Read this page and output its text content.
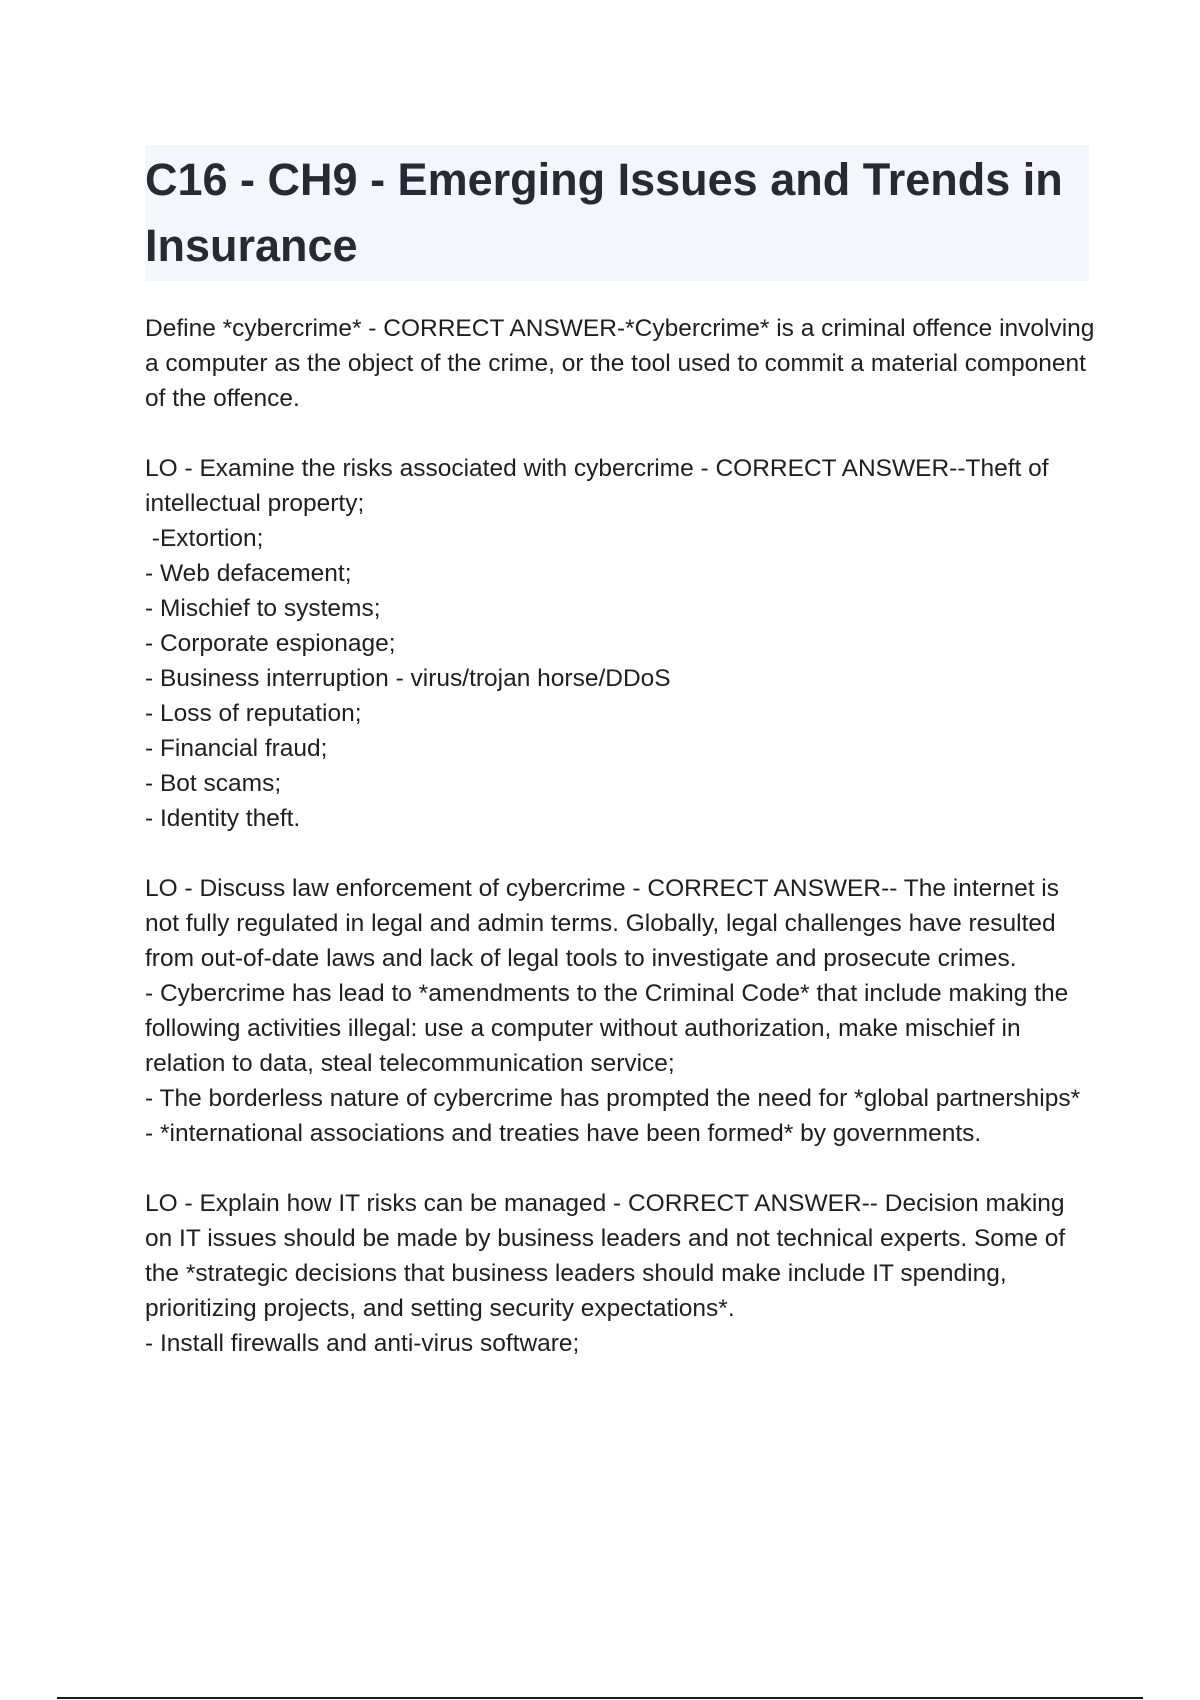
C16 - CH9 - Emerging Issues and Trends in Insurance

Define *cybercrime* - CORRECT ANSWER-*Cybercrime* is a criminal offence involving a computer as the object of the crime, or the tool used to commit a material component of the offence.

LO - Examine the risks associated with cybercrime - CORRECT ANSWER--Theft of intellectual property;

-Extortion;
- Web defacement;
- Mischief to systems;
- Corporate espionage;
- Business interruption - virus/trojan horse/DDoS
- Loss of reputation;
- Financial fraud;
- Bot scams;
- Identity theft.

LO - Discuss law enforcement of cybercrime - CORRECT ANSWER-- The internet is not fully regulated in legal and admin terms. Globally, legal challenges have resulted from out-of-date laws and lack of legal tools to investigate and prosecute crimes.

- Cybercrime has lead to *amendments to the Criminal Code* that include making the following activities illegal: use a computer without authorization, make mischief in relation to data, steal telecommunication service;

- The borderless nature of cybercrime has prompted the need for *global partnerships* - *international associations and treaties have been formed* by governments.

LO - Explain how IT risks can be managed - CORRECT ANSWER-- Decision making on IT issues should be made by business leaders and not technical experts. Some of the *strategic decisions that business leaders should make include IT spending, prioritizing projects, and setting security expectations*.

- Install firewalls and anti-virus software;
